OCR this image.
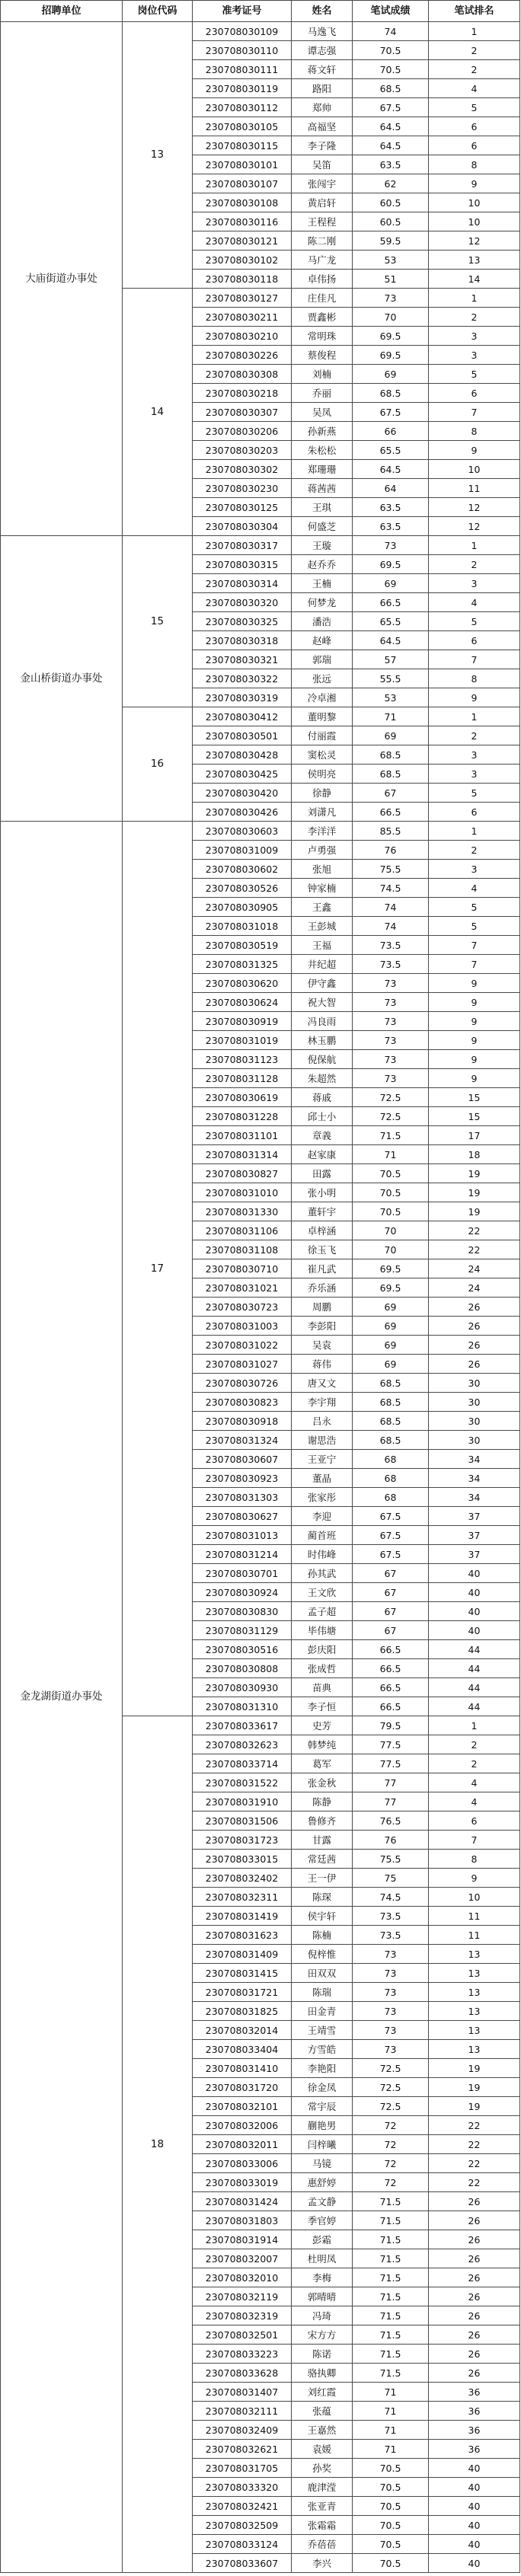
招聘单位	岗位代码	准考证号	姓名	笔试成绩	笔试排名
大庙街道办事处
13
230708030109	马逸飞	74	1
230708030110	谭志强	70.5	2
230708030111	蒋文轩	70.5	2
230708030119	路阳	68.5	4
230708030112	郑帅	67.5	5
230708030105	高福坚	64.5	6
230708030115	李子隆	64.5	6
230708030101	吴笛	63.5	8
230708030107	张闯宇	62	9
230708030108	黄启轩	60.5	10
230708030116	王程程	60.5	10
230708030121	陈二刚	59.5	12
230708030102	马广龙	53	13
230708030118	卓伟扬	51	14
14
230708030127	庄佳凡	73	1
230708030211	贾鑫彬	70	2
230708030210	常明珠	69.5	3
230708030226	蔡俊程	69.5	3
230708030308	刘楠	69	5
230708030218	乔丽	68.5	6
230708030307	吴凤	67.5	7
230708030206	孙新燕	66	8
230708030203	朱松松	65.5	9
230708030302	郑珊珊	64.5	10
230708030230	蒋茜茜	64	11
230708030125	王琪	63.5	12
230708030304	何盛芝	63.5	12
金山桥街道办事处
15
230708030317	王璇	73	1
230708030315	赵乔乔	69.5	2
230708030314	王楠	69	3
230708030320	何梦龙	66.5	4
230708030325	潘浩	65.5	5
230708030318	赵峰	64.5	6
230708030321	郭瑞	57	7
230708030322	张远	55.5	8
230708030319	冷卓湘	53	9
16
230708030412	董明黎	71	1
230708030501	付丽霞	69	2
230708030428	窦松灵	68.5	3
230708030425	侯明亮	68.5	3
230708030420	徐静	67	5
230708030426	刘潇凡	66.5	6
金龙湖街道办事处
17
230708030603	李洋洋	85.5	1
230708031009	卢勇强	76	2
230708030602	张旭	75.5	3
230708030526	钟家楠	74.5	4
230708030905	王鑫	74	5
230708031018	王彭城	74	5
230708030519	王福	73.5	7
230708031325	井纪超	73.5	7
230708030620	伊守鑫	73	9
230708030624	祝大智	73	9
230708030919	冯良雨	73	9
230708031019	林玉鹏	73	9
230708031123	倪保航	73	9
230708031128	朱超然	73	9
230708030619	蒋戚	72.5	15
230708031228	邱士小	72.5	15
230708031101	章義	71.5	17
230708031314	赵家康	71	18
230708030827	田露	70.5	19
230708031010	张小明	70.5	19
230708031330	董轩宇	70.5	19
230708031106	卓梓涵	70	22
230708031108	徐玉飞	70	22
230708030710	崔凡武	69.5	24
230708031021	乔乐涵	69.5	24
230708030723	周鹏	69	26
230708031003	李彭阳	69	26
230708031022	吴袁	69	26
230708031027	蒋伟	69	26
230708030726	唐又文	68.5	30
230708030823	李宇翔	68.5	30
230708030918	吕永	68.5	30
230708031324	谢思浩	68.5	30
230708030607	王亚宁	68	34
230708030923	董晶	68	34
230708031303	张家彤	68	34
230708030627	李迎	67.5	37
230708031013	蔺首班	67.5	37
230708031214	时伟峰	67.5	37
230708030701	孙其武	67	40
230708030924	王文欣	67	40
230708030830	孟子超	67	40
230708031129	毕伟塘	67	40
230708030516	彭庆阳	66.5	44
230708030808	张成哲	66.5	44
230708030930	苗典	66.5	44
230708031310	李子恒	66.5	44
18
230708033617	史芳	79.5	1
230708032623	韩梦纯	77.5	2
230708033714	葛军	77.5	2
230708031522	张金秋	77	4
230708031910	陈静	77	4
230708031506	鲁修齐	76.5	6
230708031723	甘露	76	7
230708033015	常廷茜	75.5	8
230708032402	王一伊	75	9
230708032311	陈琛	74.5	10
230708031419	侯宇轩	73.5	11
230708031623	陈楠	73.5	11
230708031409	倪梓惟	73	13
230708031415	田双双	73	13
230708031721	陈瑞	73	13
230708031825	田金青	73	13
230708032014	王靖雪	73	13
230708033404	方雪皓	73	13
230708031410	李艳阳	72.5	19
230708031720	徐金凤	72.5	19
230708032101	常宇辰	72.5	19
230708032006	蒯艳男	72	22
230708032011	闫梓曦	72	22
230708033006	马镜	72	22
230708033019	惠舒婷	72	22
230708031424	孟文静	71.5	26
230708031803	季官婷	71.5	26
230708031914	彭霜	71.5	26
230708032007	杜明凤	71.5	26
230708032010	李梅	71.5	26
230708032119	郭晴晴	71.5	26
230708032319	冯琦	71.5	26
230708032501	宋方方	71.5	26
230708033223	陈诺	71.5	26
230708033628	骆执卿	71.5	26
230708031407	刘红霞	71	36
230708032111	张蕴	71	36
230708032409	王嘉然	71	36
230708032621	袁媛	71	36
230708031705	孙奖	70.5	40
230708033320	鹿津滢	70.5	40
230708032421	张亚青	70.5	40
230708032509	张霜霜	70.5	40
230708033124	乔蓓蓓	70.5	40
230708033607	李兴	70.5	40
